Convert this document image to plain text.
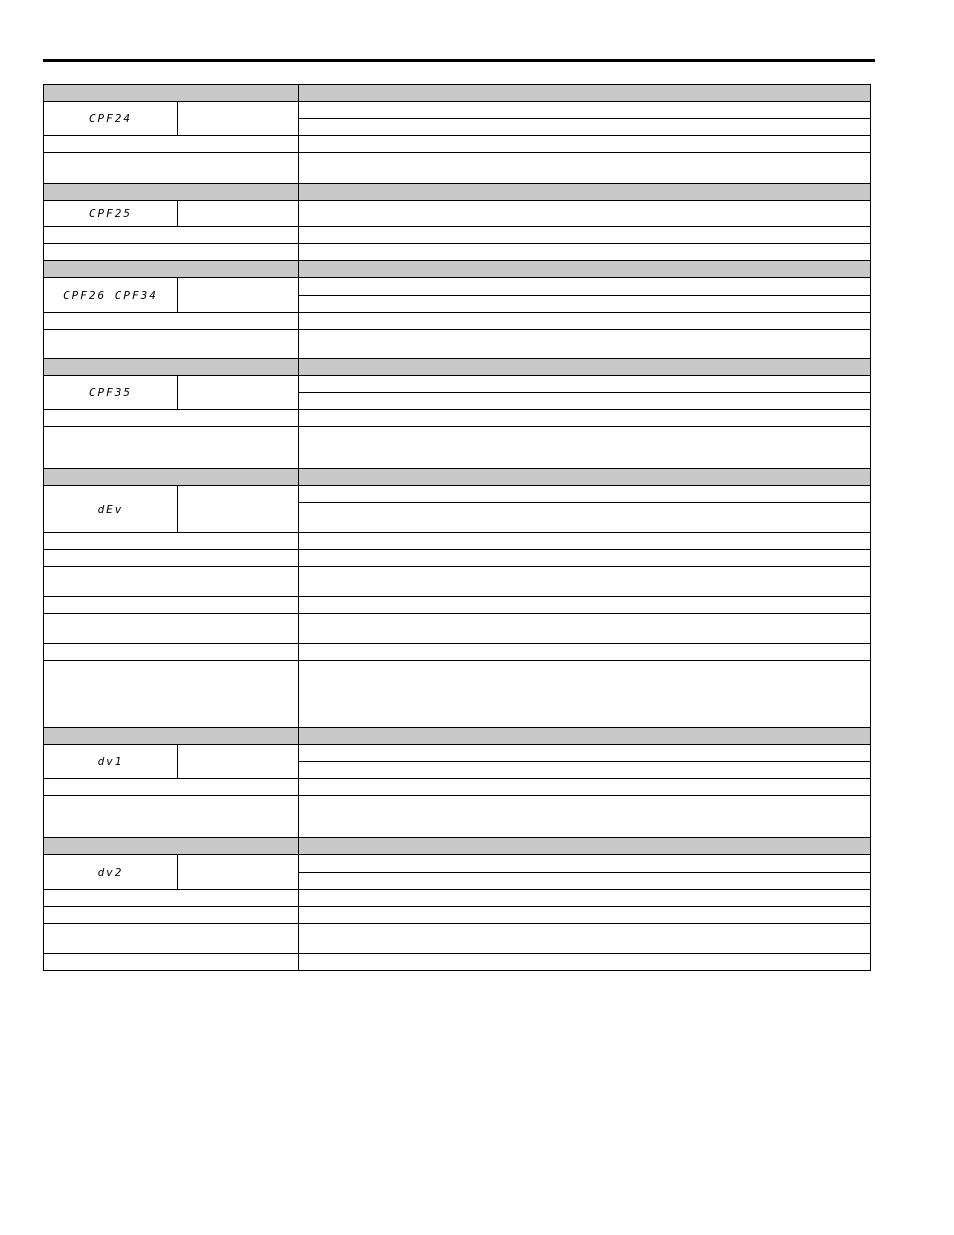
CPF24		

CPF25		

CPF26 CPF34		

CPF35		

dEv		

dv1		

dv2		
